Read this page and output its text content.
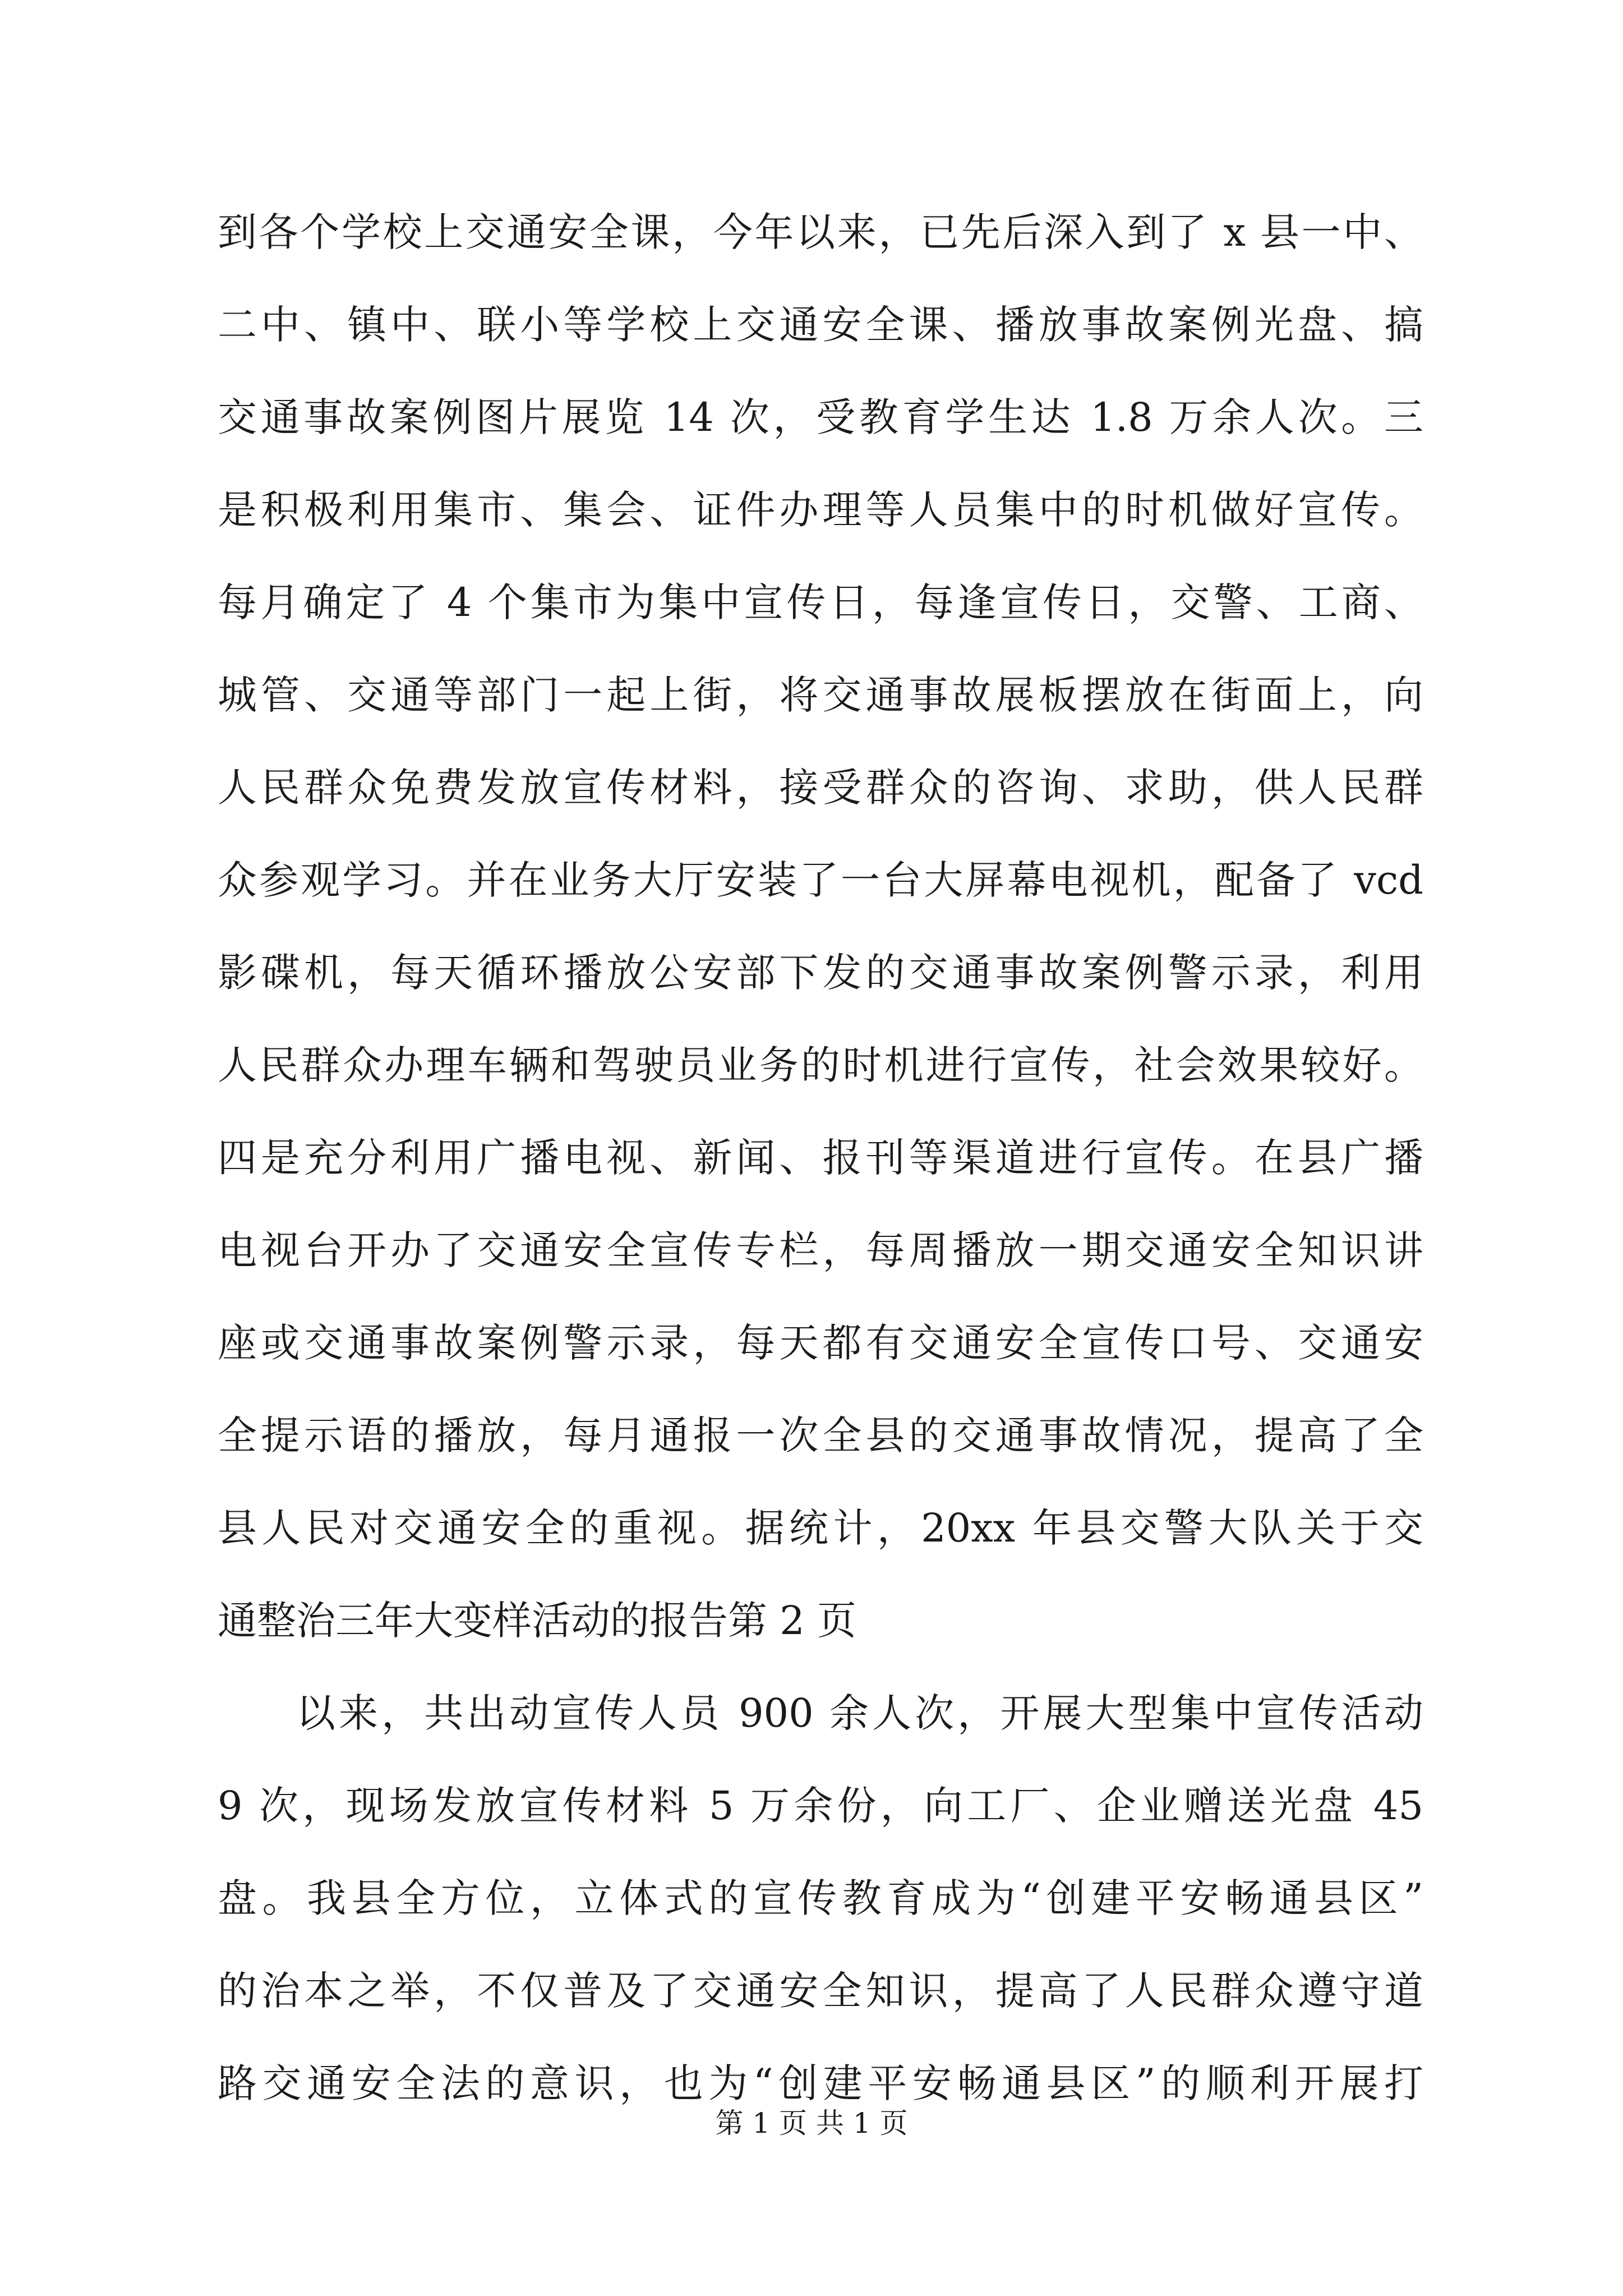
到各个学校上交通安全课，今年以来，已先后深入到了 x 县一中、
二中、镇中、联小等学校上交通安全课、播放事故案例光盘、搞
交通事故案例图片展览 14 次，受教育学生达 1.8 万余人次。三
是积极利用集市、集会、证件办理等人员集中的时机做好宣传。
每月确定了 4 个集市为集中宣传日，每逢宣传日，交警、工商、
城管、交通等部门一起上街，将交通事故展板摆放在街面上，向
人民群众免费发放宣传材料，接受群众的咨询、求助，供人民群
众参观学习。并在业务大厅安装了一台大屏幕电视机，配备了 vcd
影碟机，每天循环播放公安部下发的交通事故案例警示录，利用
人民群众办理车辆和驾驶员业务的时机进行宣传，社会效果较好。
四是充分利用广播电视、新闻、报刊等渠道进行宣传。在县广播
电视台开办了交通安全宣传专栏，每周播放一期交通安全知识讲
座或交通事故案例警示录，每天都有交通安全宣传口号、交通安
全提示语的播放，每月通报一次全县的交通事故情况，提高了全
县人民对交通安全的重视。据统计，20xx 年县交警大队关于交
通整治三年大变样活动的报告第 2 页
以来，共出动宣传人员 900 余人次，开展大型集中宣传活动
9 次，现场发放宣传材料 5 万余份，向工厂、企业赠送光盘 45
盘。我县全方位，立体式的宣传教育成为“创建平安畅通县区”
的治本之举，不仅普及了交通安全知识，提高了人民群众遵守道
路交通安全法的意识，也为“创建平安畅通县区”的顺利开展打
第 1 页 共 1 页
